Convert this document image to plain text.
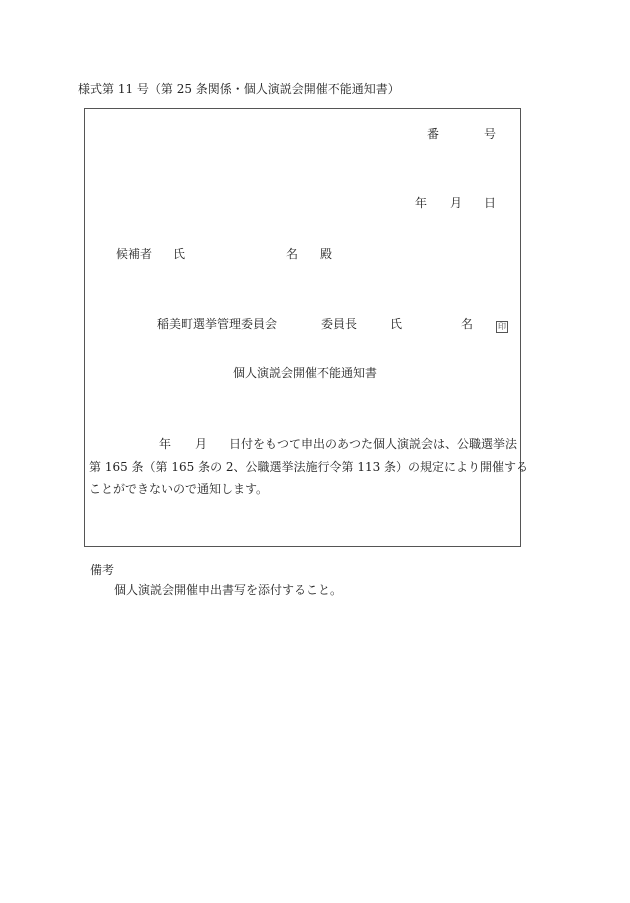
様式第 11 号（第 25 条関係・個人演説会開催不能通知書）
番	号
年 月 日
候補者 氏	名 殿
稲美町選挙管理委員会	委員長	氏	名	印
個人演説会開催不能通知書

年 月 日付をもつて申出のあつた個人演説会は、公職選挙法

第 165 条（第 165 条の 2、公職選挙法施行令第 113 条）の規定により開催する

ことができないので通知します。

備考
個人演説会開催申出書写を添付すること。
